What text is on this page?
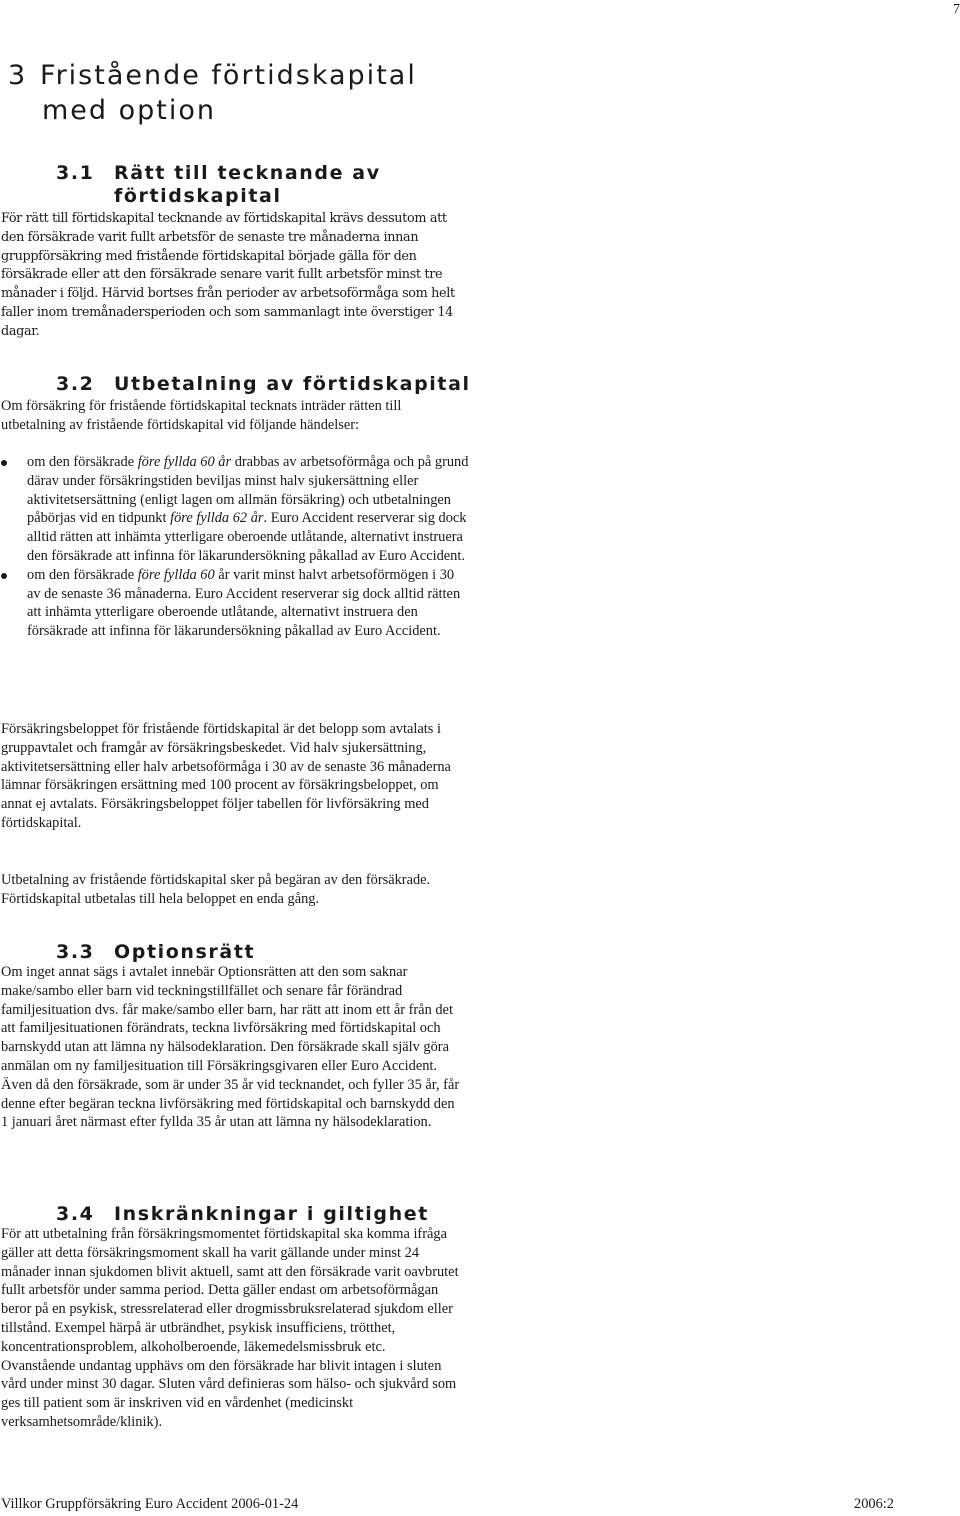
7
3 Fristående förtidskapital
med option
3.1 Rätt till tecknande av
förtidskapital

För rätt till förtidskapital tecknande av förtidskapital krävs dessutom att den försäkrade varit fullt arbetsför de senaste tre månaderna innan gruppförsäkring med fristående förtidskapital började gälla för den försäkrade eller att den försäkrade senare varit fullt arbetsför minst tre månader i följd. Härvid bortses från perioder av arbetsoförmåga som helt faller inom tremånadersperioden och som sammanlagt inte överstiger 14 dagar.

3.2 Utbetalning av förtidskapital

Om försäkring för fristående förtidskapital tecknats inträder rätten till utbetalning av fristående förtidskapital vid följande händelser:

om den försäkrade före fyllda 60 år drabbas av arbetsoförmåga och på grund därav under försäkringstiden beviljas minst halv sjukersättning eller aktivitetsersättning (enligt lagen om allmän försäkring) och utbetalningen påbörjas vid en tidpunkt före fyllda 62 år. Euro Accident reserverar sig dock alltid rätten att inhämta ytterligare oberoende utlåtande, alternativt instruera den försäkrade att infinna för läkarundersökning påkallad av Euro Accident.
om den försäkrade före fyllda 60 år varit minst halvt arbetsoförmögen i 30 av de senaste 36 månaderna. Euro Accident reserverar sig dock alltid rätten att inhämta ytterligare oberoende utlåtande, alternativt instruera den försäkrade att infinna för läkarundersökning påkallad av Euro Accident.

Försäkringsbeloppet för fristående förtidskapital är det belopp som avtalats i gruppavtalet och framgår av försäkringsbeskedet. Vid halv sjukersättning, aktivitetsersättning eller halv arbetsoförmåga i 30 av de senaste 36 månaderna lämnar försäkringen ersättning med 100 procent av försäkringsbeloppet, om annat ej avtalats. Försäkringsbeloppet följer tabellen för livförsäkring med förtidskapital.

Utbetalning av fristående förtidskapital sker på begäran av den försäkrade. Förtidskapital utbetalas till hela beloppet en enda gång.

3.3 Optionsrätt

Om inget annat sägs i avtalet innebär Optionsrätten att den som saknar make/sambo eller barn vid teckningstillfället och senare får förändrad familjesituation dvs. får make/sambo eller barn, har rätt att inom ett år från det att familjesituationen förändrats, teckna livförsäkring med förtidskapital och barnskydd utan att lämna ny hälsodeklaration. Den försäkrade skall själv göra anmälan om ny familjesituation till Försäkringsgivaren eller Euro Accident. Även då den försäkrade, som är under 35 år vid tecknandet, och fyller 35 år, får denne efter begäran teckna livförsäkring med förtidskapital och barnskydd den 1 januari året närmast efter fyllda 35 år utan att lämna ny hälsodeklaration.

3.4 Inskränkningar i giltighet

För att utbetalning från försäkringsmomentet förtidskapital ska komma ifråga gäller att detta försäkringsmoment skall ha varit gällande under minst 24 månader innan sjukdomen blivit aktuell, samt att den försäkrade varit oavbrutet fullt arbetsför under samma period. Detta gäller endast om arbetsoförmågan beror på en psykisk, stressrelaterad eller drogmissbruksrelaterad sjukdom eller tillstånd. Exempel härpå är utbrändhet, psykisk insufficiens, trötthet, koncentrationsproblem, alkoholberoende, läkemedelsmissbruk etc. Ovanstående undantag upphävs om den försäkrade har blivit intagen i sluten vård under minst 30 dagar. Sluten vård definieras som hälso- och sjukvård som ges till patient som är inskriven vid en vårdenhet (medicinskt verksamhetsområde/klinik).

Villkor Gruppförsäkring Euro Accident 2006-01-24	2006:2
